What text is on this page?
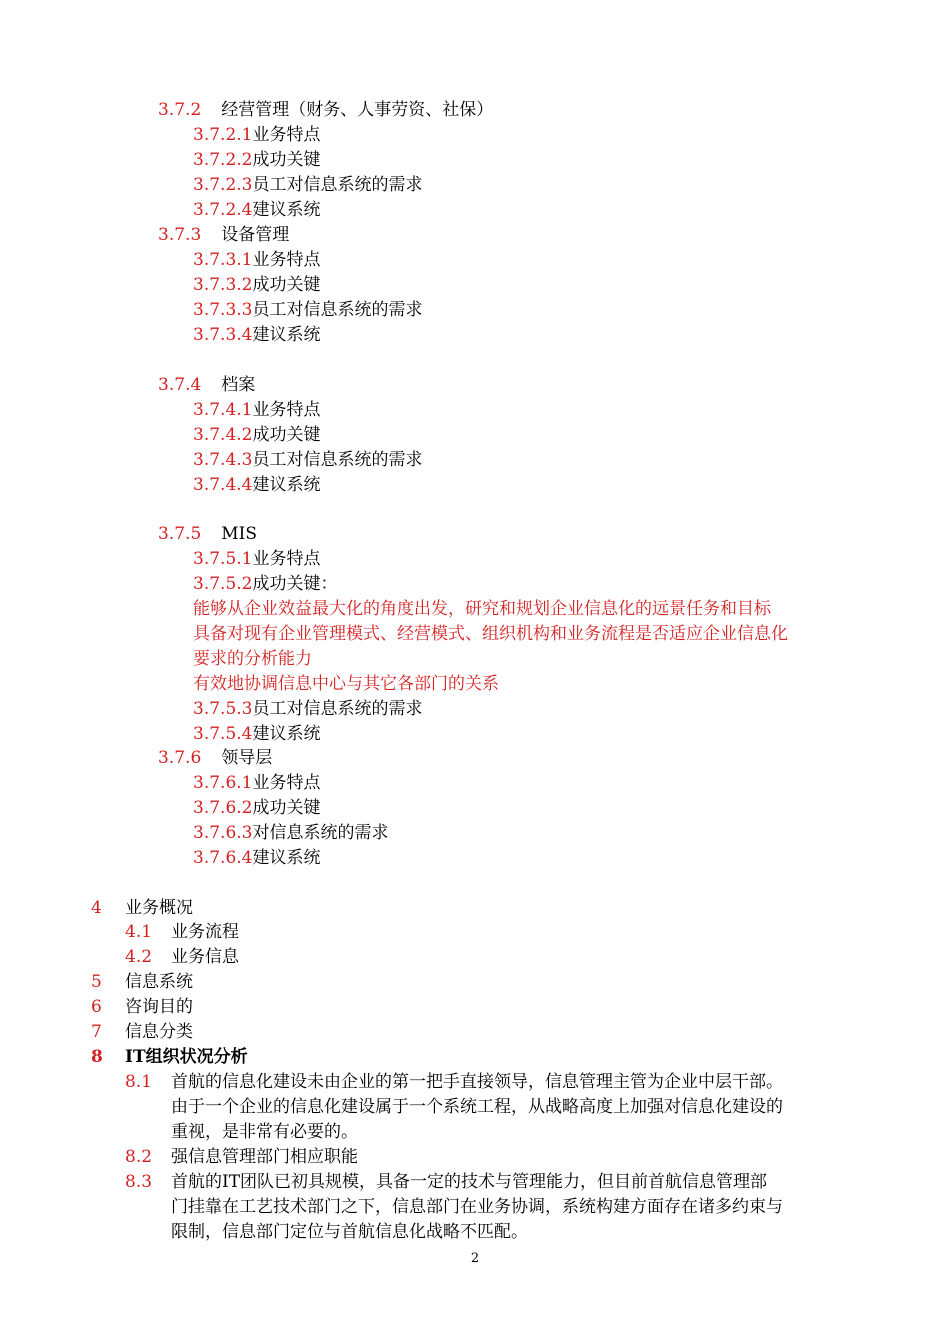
3.7.2 经营管理（财务、人事劳资、社保）
3.7.2.1业务特点
3.7.2.2成功关键
3.7.2.3员工对信息系统的需求
3.7.2.4建议系统
3.7.3 设备管理
3.7.3.1业务特点
3.7.3.2成功关键
3.7.3.3员工对信息系统的需求
3.7.3.4建议系统
3.7.4 档案
3.7.4.1业务特点
3.7.4.2成功关键
3.7.4.3员工对信息系统的需求
3.7.4.4建议系统
3.7.5 MIS
3.7.5.1业务特点
3.7.5.2成功关键：
能够从企业效益最大化的角度出发，研究和规划企业信息化的远景任务和目标
具备对现有企业管理模式、经营模式、组织机构和业务流程是否适应企业信息化
要求的分析能力
有效地协调信息中心与其它各部门的关系
3.7.5.3员工对信息系统的需求
3.7.5.4建议系统
3.7.6 领导层
3.7.6.1业务特点
3.7.6.2成功关键
3.7.6.3对信息系统的需求
3.7.6.4建议系统
4 业务概况
4.1 业务流程
4.2 业务信息
5 信息系统
6 咨询目的
7 信息分类
8 IT组织状况分析
8.1 首航的信息化建设未由企业的第一把手直接领导，信息管理主管为企业中层干部。
由于一个企业的信息化建设属于一个系统工程，从战略高度上加强对信息化建设的
重视，是非常有必要的。
8.2 强信息管理部门相应职能
8.3 首航的IT团队已初具规模，具备一定的技术与管理能力，但目前首航信息管理部
门挂靠在工艺技术部门之下，信息部门在业务协调，系统构建方面存在诸多约束与
限制，信息部门定位与首航信息化战略不匹配。
2
